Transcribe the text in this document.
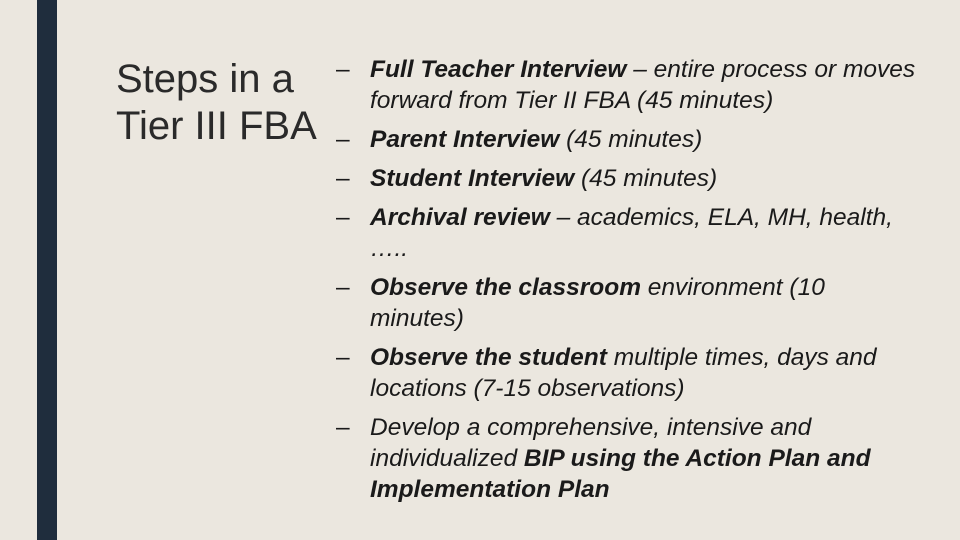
Steps in a
Tier III FBA
– Full Teacher Interview – entire process or moves forward from Tier II FBA (45 minutes)
– Parent Interview (45 minutes)
– Student Interview (45 minutes)
– Archival review – academics, ELA, MH, health, …..
– Observe the classroom environment (10 minutes)
– Observe the student multiple times, days and locations (7-15 observations)
– Develop a comprehensive, intensive and individualized BIP using the Action Plan and Implementation Plan
